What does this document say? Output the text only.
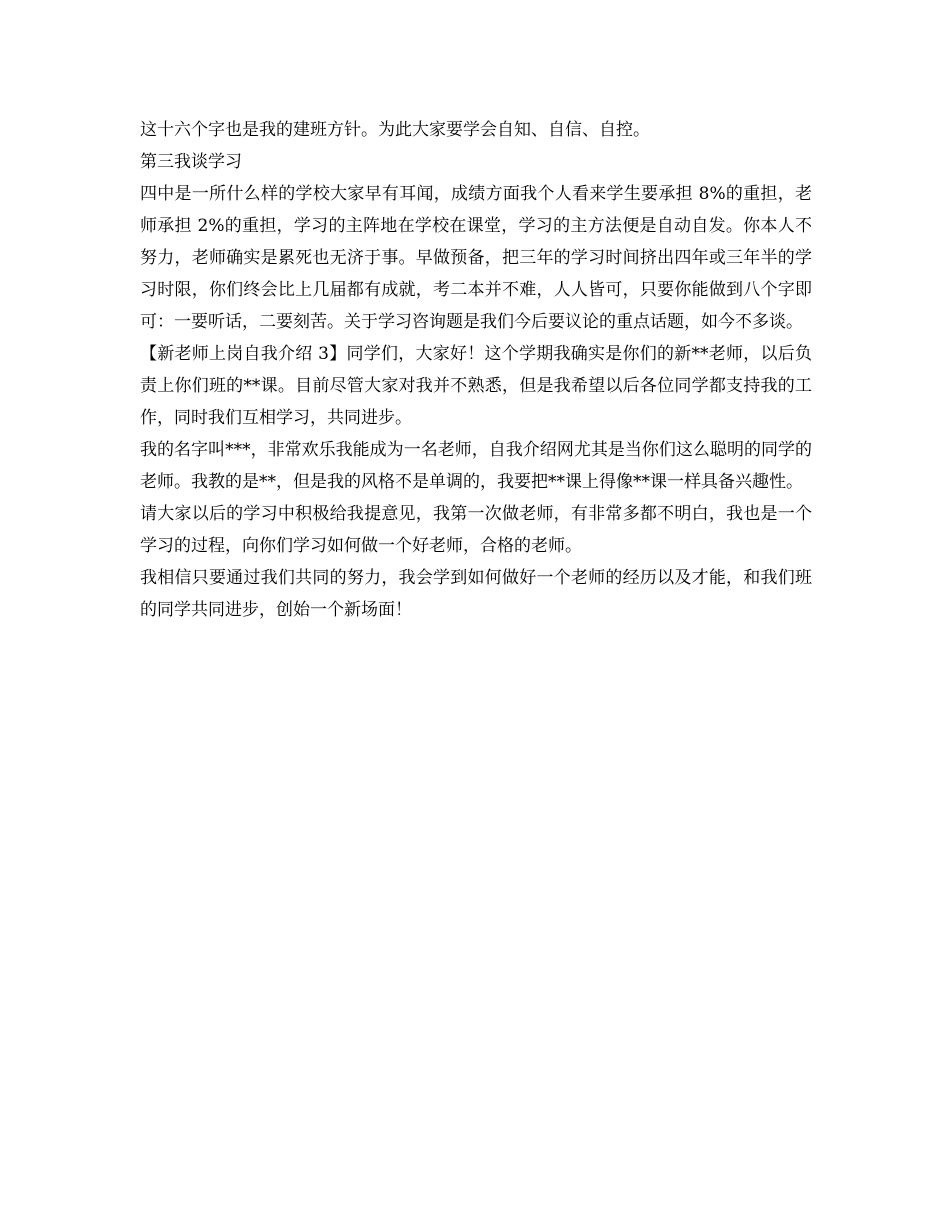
这十六个字也是我的建班方针。为此大家要学会自知、自信、自控。

第三我谈学习

四中是一所什么样的学校大家早有耳闻，成绩方面我个人看来学生要承担 8%的重担，老师承担 2%的重担，学习的主阵地在学校在课堂，学习的主方法便是自动自发。你本人不努力，老师确实是累死也无济于事。早做预备，把三年的学习时间挤出四年或三年半的学习时限，你们终会比上几届都有成就，考二本并不难，人人皆可，只要你能做到八个字即可：一要听话，二要刻苦。关于学习咨询题是我们今后要议论的重点话题，如今不多谈。

【新老师上岗自我介绍 3】同学们，大家好！这个学期我确实是你们的新**老师，以后负责上你们班的**课。目前尽管大家对我并不熟悉，但是我希望以后各位同学都支持我的工作，同时我们互相学习，共同进步。

我的名字叫***，非常欢乐我能成为一名老师，自我介绍网尤其是当你们这么聪明的同学的老师。我教的是**，但是我的风格不是单调的，我要把**课上得像**课一样具备兴趣性。

请大家以后的学习中积极给我提意见，我第一次做老师，有非常多都不明白，我也是一个学习的过程，向你们学习如何做一个好老师，合格的老师。

我相信只要通过我们共同的努力，我会学到如何做好一个老师的经历以及才能，和我们班的同学共同进步，创始一个新场面！
